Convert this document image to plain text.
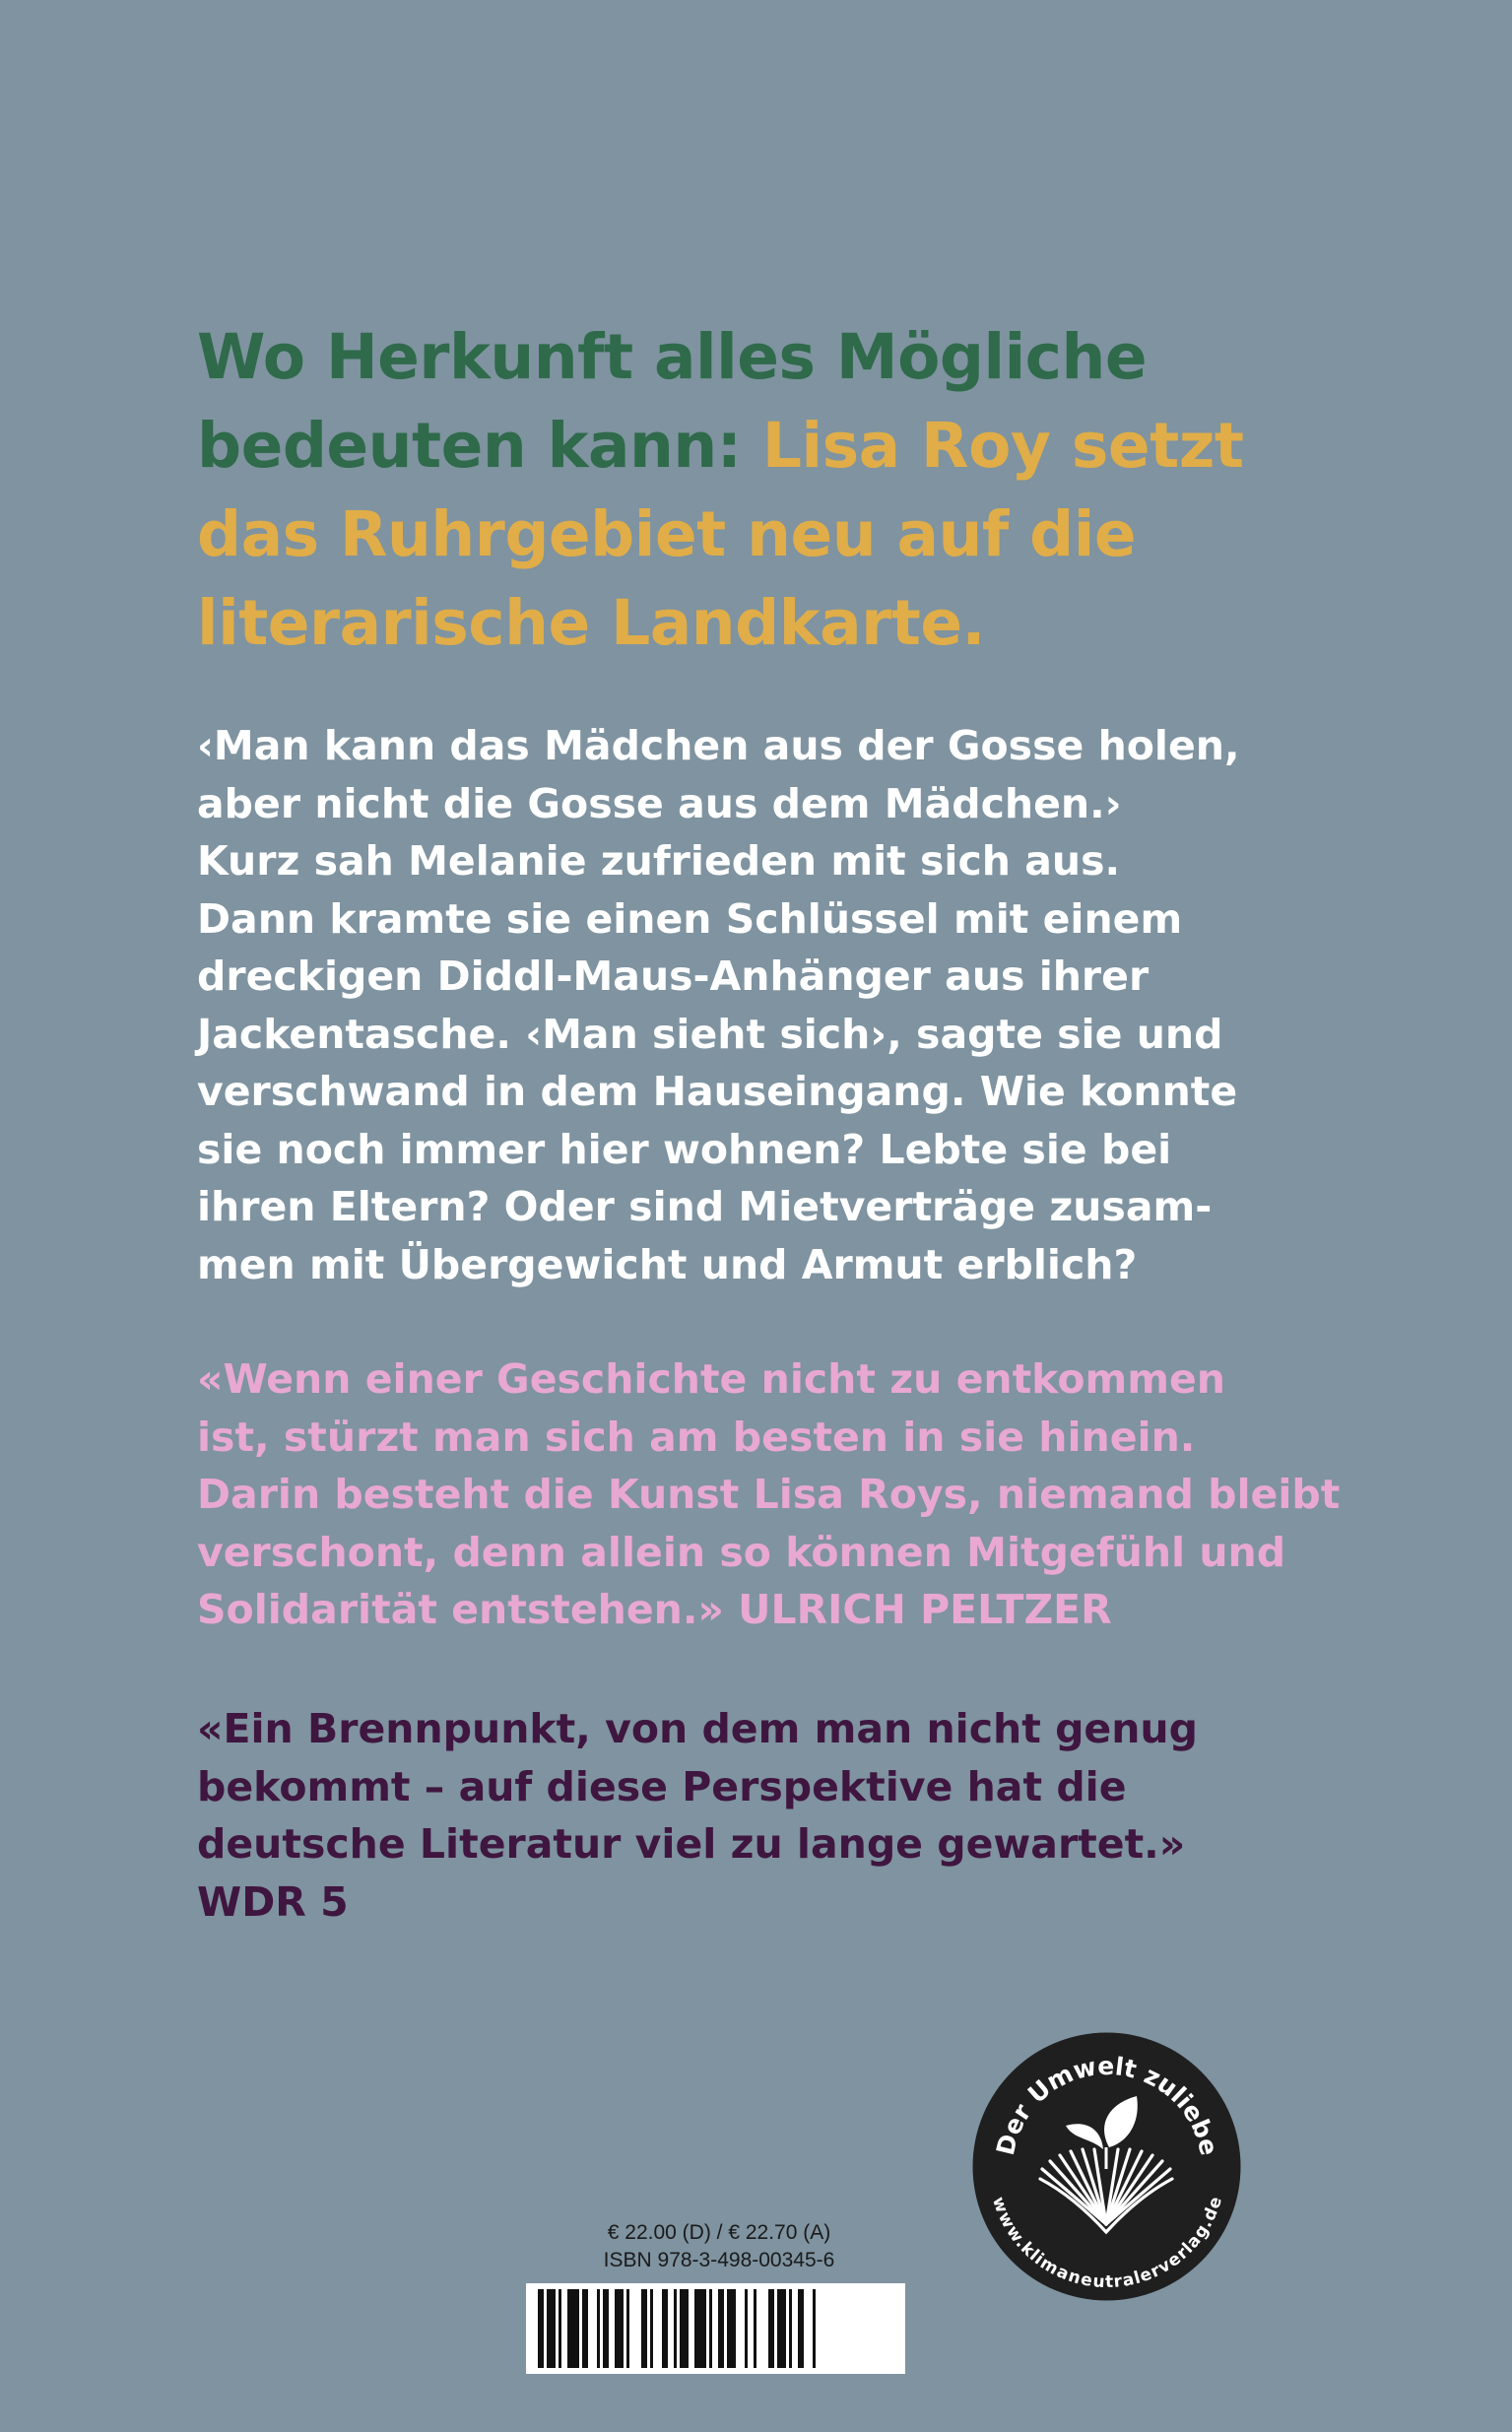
Wo Herkunft alles Mögliche
bedeuten kann: Lisa Roy setzt
das Ruhrgebiet neu auf die
literarische Landkarte.

‹Man kann das Mädchen aus der Gosse holen,
aber nicht die Gosse aus dem Mädchen.›
Kurz sah Melanie zufrieden mit sich aus.
Dann kramte sie einen Schlüssel mit einem
dreckigen Diddl-Maus-Anhänger aus ihrer
Jackentasche. ‹Man sieht sich›, sagte sie und
verschwand in dem Hauseingang. Wie konnte
sie noch immer hier wohnen? Lebte sie bei
ihren Eltern? Oder sind Mietverträge zusam-
men mit Übergewicht und Armut erblich?

«Wenn einer Geschichte nicht zu entkommen
ist, stürzt man sich am besten in sie hinein.
Darin besteht die Kunst Lisa Roys, niemand bleibt
verschont, denn allein so können Mitgefühl und
Solidarität entstehen.» ULRICH PELTZER

«Ein Brennpunkt, von dem man nicht genug
bekommt – auf diese Perspektive hat die
deutsche Literatur viel zu lange gewartet.»
WDR 5

Der Umwelt zuliebe
www.klimaneutralerverlag.de
€ 22.00 (D) / € 22.70 (A)
ISBN 978-3-498-00345-6
